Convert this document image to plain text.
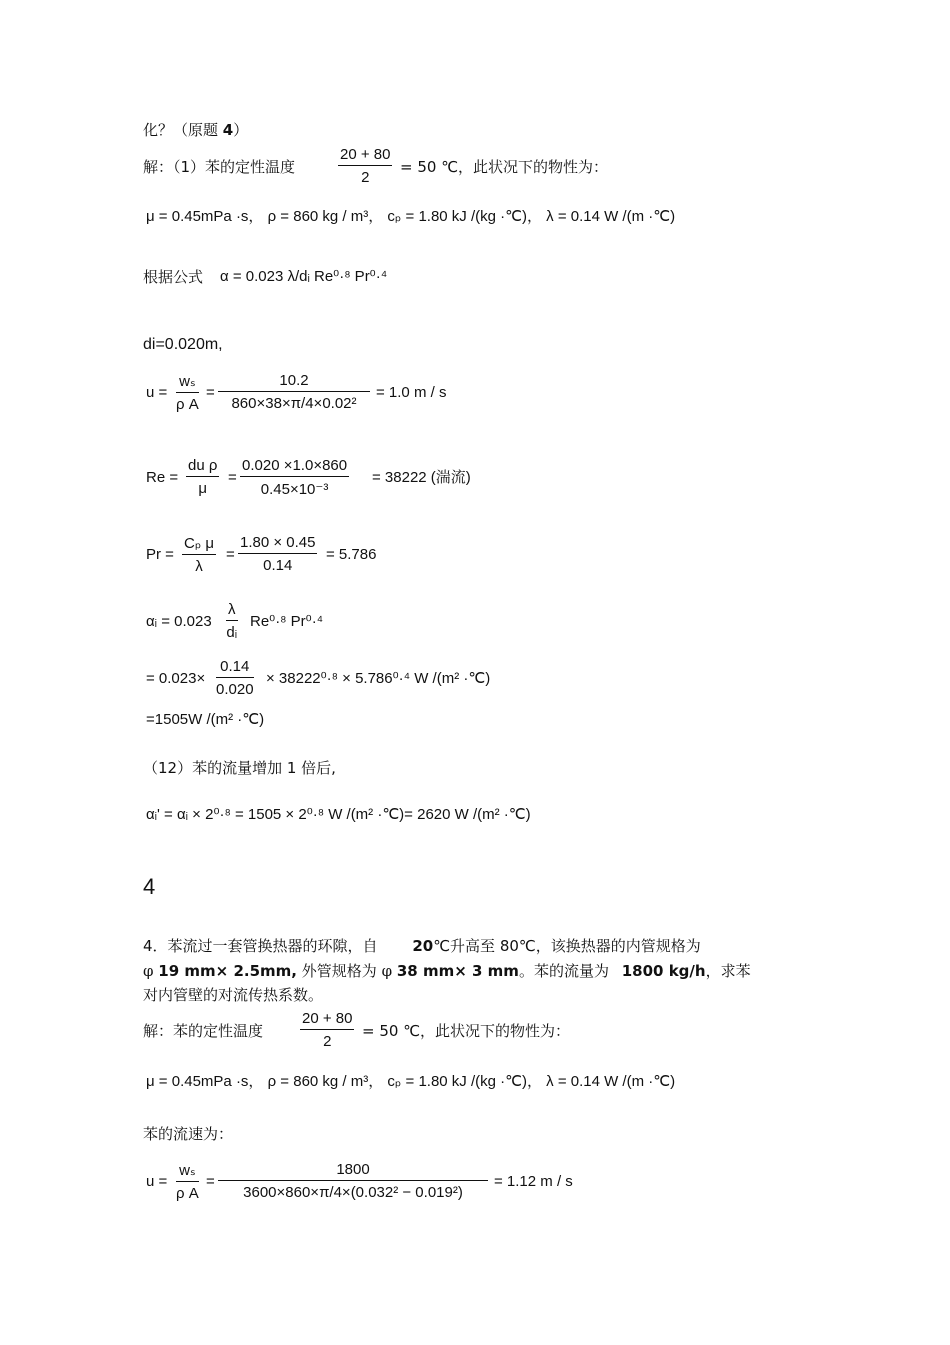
化？（原题 4）
解：（1）苯的定性温度	$\frac{20 + 80}{2} = 50$ ℃，此状况下的物性为：
μ = 0.45mPa ·s， ρ = 860 kg / m³， cₚ = 1.80 kJ /(kg ·℃)， λ = 0.14 W /(m ·℃)
根据公式 α = 0.023 λ/dᵢ Re⁰·⁸ Pr⁰·⁴
di=0.020m,
$u = \frac{\text{wₛ}}{\text{ρ A}} = \frac{10.2}{\text{860×38×π/4×0.02²}} = 1.0$ m / s
$Re = \frac{\text{du ρ}}{\mu} = \frac{0.020 \times 1.0\times 860}{\text{0.45×10⁻³}} = 38222$ (湍流)
$Pr = \frac{\text{Cₚ μ}}{\lambda} = \frac{1.80 \times 0.45}{0.14} = 5.786$
αᵢ = $0.023 \frac{\lambda}{\text{dᵢ}} Re^0\cdot^8$ Pr⁰·⁴
= $0.023\times \frac{0.14}{0.020} \times 38222^0\cdot^8 \times 5.786^0\cdot^4$ W /(m² ·℃)
=1505W /(m² ·℃)
（12）苯的流量增加 1 倍后,
αᵢ' = αᵢ × 2⁰·⁸ = 1505 × 2⁰·⁸ W /(m² ·℃)= 2620 W /(m² ·℃)
4
4．苯流过一套管换热器的环隙，自 20℃升高至 80℃，该换热器的内管规格为
φ 19 mm× 2.5mm, 外管规格为 φ 38 mm× 3 mm。苯的流量为 1800 kg/h，求苯
对内管壁的对流传热系数。
解：苯的定性温度 $\frac{20 + 80}{2} = 50$ ℃，此状况下的物性为：
μ = 0.45mPa ·s， ρ = 860 kg / m³， cₚ = 1.80 kJ /(kg ·℃)， λ = 0.14 W /(m ·℃)
苯的流速为：
$u = \frac{\text{wₛ}}{\text{ρ A}} = \frac{1800}{\text{3600×860×π/4×(0.032² − 0.019²)}} = 1.12$ m / s
